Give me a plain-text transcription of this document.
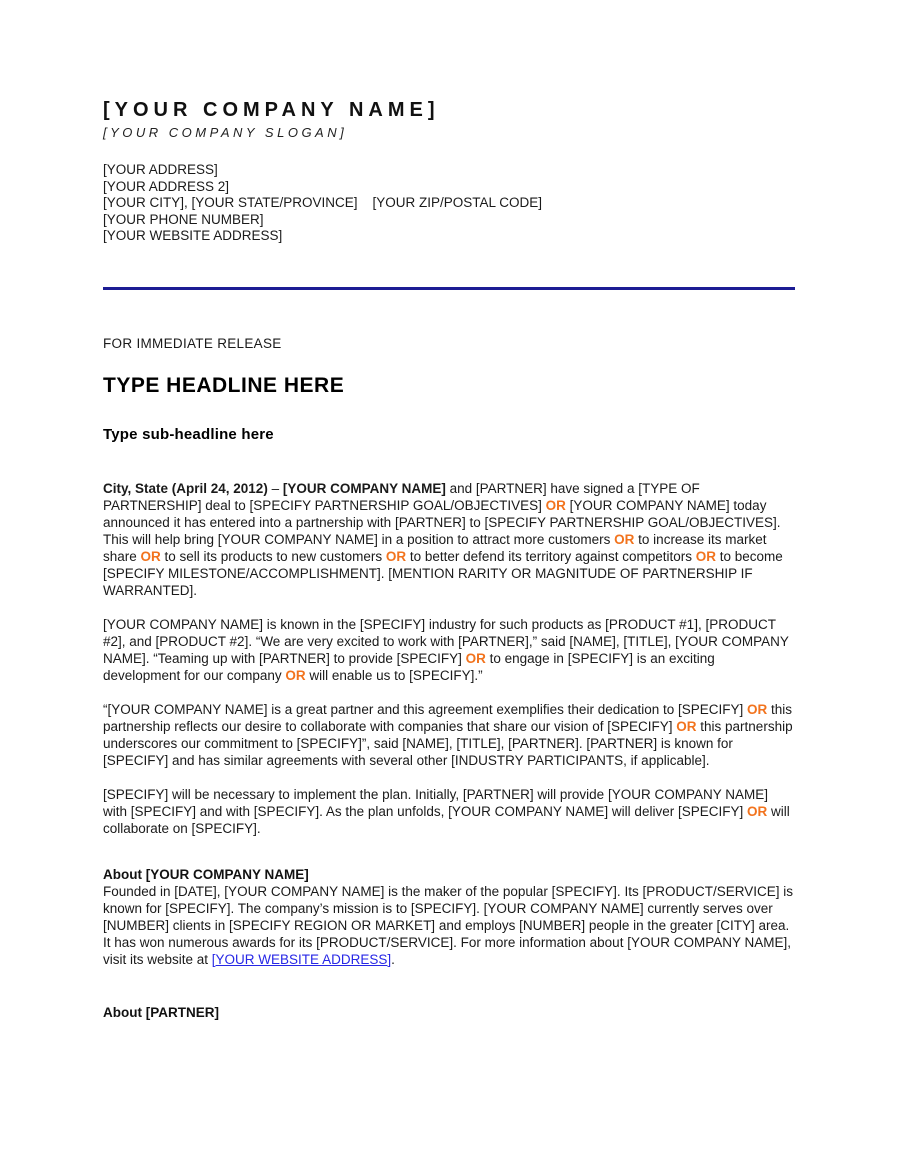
[YOUR COMPANY NAME]
[YOUR COMPANY SLOGAN]
[YOUR ADDRESS]
[YOUR ADDRESS 2]
[YOUR CITY], [YOUR STATE/PROVINCE]    [YOUR ZIP/POSTAL CODE]
[YOUR PHONE NUMBER]
[YOUR WEBSITE ADDRESS]
FOR IMMEDIATE RELEASE
TYPE HEADLINE HERE
Type sub-headline here

City, State (April 24, 2012) – [YOUR COMPANY NAME] and [PARTNER] have signed a [TYPE OF PARTNERSHIP] deal to [SPECIFY PARTNERSHIP GOAL/OBJECTIVES] OR [YOUR COMPANY NAME] today announced it has entered into a partnership with [PARTNER] to [SPECIFY PARTNERSHIP GOAL/OBJECTIVES]. This will help bring [YOUR COMPANY NAME] in a position to attract more customers OR to increase its market share OR to sell its products to new customers OR to better defend its territory against competitors OR to become [SPECIFY MILESTONE/ACCOMPLISHMENT]. [MENTION RARITY OR MAGNITUDE OF PARTNERSHIP IF WARRANTED].

[YOUR COMPANY NAME] is known in the [SPECIFY] industry for such products as [PRODUCT #1], [PRODUCT #2], and [PRODUCT #2]. “We are very excited to work with [PARTNER],” said [NAME], [TITLE], [YOUR COMPANY NAME]. “Teaming up with [PARTNER] to provide [SPECIFY] OR to engage in [SPECIFY] is an exciting development for our company OR will enable us to [SPECIFY].”

“[YOUR COMPANY NAME] is a great partner and this agreement exemplifies their dedication to [SPECIFY] OR this partnership reflects our desire to collaborate with companies that share our vision of [SPECIFY] OR this partnership underscores our commitment to [SPECIFY]”, said [NAME], [TITLE], [PARTNER]. [PARTNER] is known for [SPECIFY] and has similar agreements with several other [INDUSTRY PARTICIPANTS, if applicable].

[SPECIFY] will be necessary to implement the plan. Initially, [PARTNER] will provide [YOUR COMPANY NAME] with [SPECIFY] and with [SPECIFY]. As the plan unfolds, [YOUR COMPANY NAME] will deliver [SPECIFY] OR will collaborate on [SPECIFY].

About [YOUR COMPANY NAME]

Founded in [DATE], [YOUR COMPANY NAME] is the maker of the popular [SPECIFY]. Its [PRODUCT/SERVICE] is known for [SPECIFY]. The company’s mission is to [SPECIFY]. [YOUR COMPANY NAME] currently serves over [NUMBER] clients in [SPECIFY REGION OR MARKET] and employs [NUMBER] people in the greater [CITY] area. It has won numerous awards for its [PRODUCT/SERVICE]. For more information about [YOUR COMPANY NAME], visit its website at [YOUR WEBSITE ADDRESS].

About [PARTNER]
